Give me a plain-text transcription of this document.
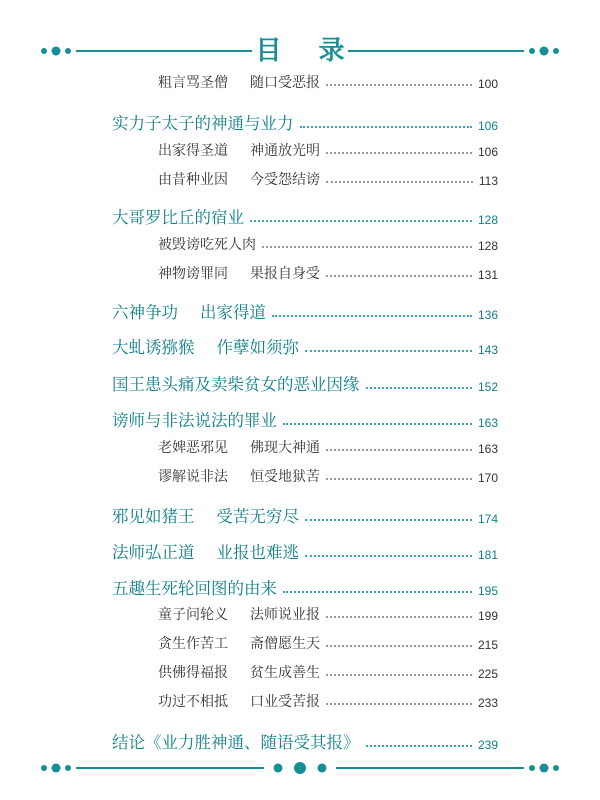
目 录
粗言骂圣僧 随口受恶报	100
实力子太子的神通与业力	106
出家得圣道 神通放光明	106
由昔种业因 今受怨结谤	113
大哥罗比丘的宿业	128
被毁谤吃死人肉	128
神物谤罪同 果报自身受	131
六神争功 出家得道	136
大虬诱猕猴 作孽如须弥	143
国王患头痛及卖柴贫女的恶业因缘	152
谤师与非法说法的罪业	163
老婢恶邪见 佛现大神通	163
谬解说非法 恒受地狱苦	170
邪见如猪王 受苦无穷尽	174
法师弘正道 业报也难逃	181
五趣生死轮回图的由来	195
童子问轮义 法师说业报	199
贪生作苦工 斋僧愿生天	215
供佛得福报 贫生成善生	225
功过不相抵 口业受苦报	233
结论《业力胜神通、随语受其报》	239
